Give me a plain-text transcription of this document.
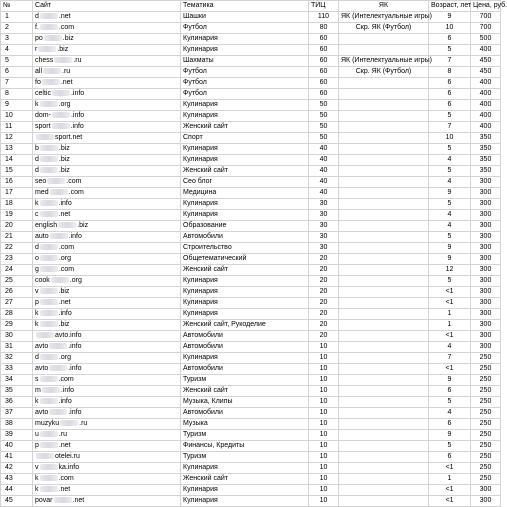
№	Сайт	Тематика	ТИЦ	ЯК	Возраст, лет	Цена, руб.
1	d .net	Шашки	110	ЯК (Интелектуальные игры)	9	700
2	f. .com	Футбол	80	Скр. ЯК (Футбол)	10	700
3	po .biz	Кулинария	60		6	500
4	r .biz	Кулинария	60		5	400
5	chess .ru	Шахматы	60	ЯК (Интелектуальные игры)	7	450
6	all .ru	Футбол	60	Скр. ЯК (Футбол)	8	450
7	fo .net	Футбол	60		6	400
8	celtic .info	Футбол	60		6	400
9	k .org	Кулинария	50		6	400
10	dom- .info	Кулинария	50		5	400
11	sport .info	Женский сайт	50		7	400
12	sport.net	Спорт	50		10	350
13	b .biz	Кулинария	40		5	350
14	d .biz	Кулинария	40		4	350
15	d .biz	Женский сайт	40		5	350
16	seo .com	Сео блог	40		4	300
17	med .com	Медицина	40		9	300
18	k .info	Кулинария	30		5	300
19	c .net	Кулинария	30		4	300
20	english .biz	Образование	30		4	300
21	auto .info	Автомобили	30		5	300
22	d .com	Строительство	30		9	300
23	o .org	Общетематический	20		9	300
24	g .com	Женский сайт	20		12	300
25	cook .org	Кулинария	20		5	300
26	v .biz	Кулинария	20		<1	300
27	p .net	Кулинария	20		<1	300
28	k .info	Кулинария	20		1	300
29	k .biz	Женский сайт, Рукоделие	20		1	300
30	avto.info	Автомобили	20		<1	300
31	avto .info	Автомобили	10		4	300
32	d .org	Кулинария	10		7	250
33	avto .info	Автомобили	10		<1	250
34	s .com	Туризм	10		9	250
35	m .info	Женский сайт	10		6	250
36	k .info	Музыка, Клипы	10		5	250
37	avto .info	Автомобили	10		4	250
38	muzyku .ru	Музыка	10		6	250
39	u .ru	Туризм	10		9	250
40	p .net	Финансы, Кредиты	10		5	250
41	otelei.ru	Туризм	10		6	250
42	v ka.info	Кулинария	10		<1	250
43	k .com	Женский сайт	10		1	250
44	k .net	Кулинария	10		<1	300
45	povar .net	Кулинария	10		<1	300
